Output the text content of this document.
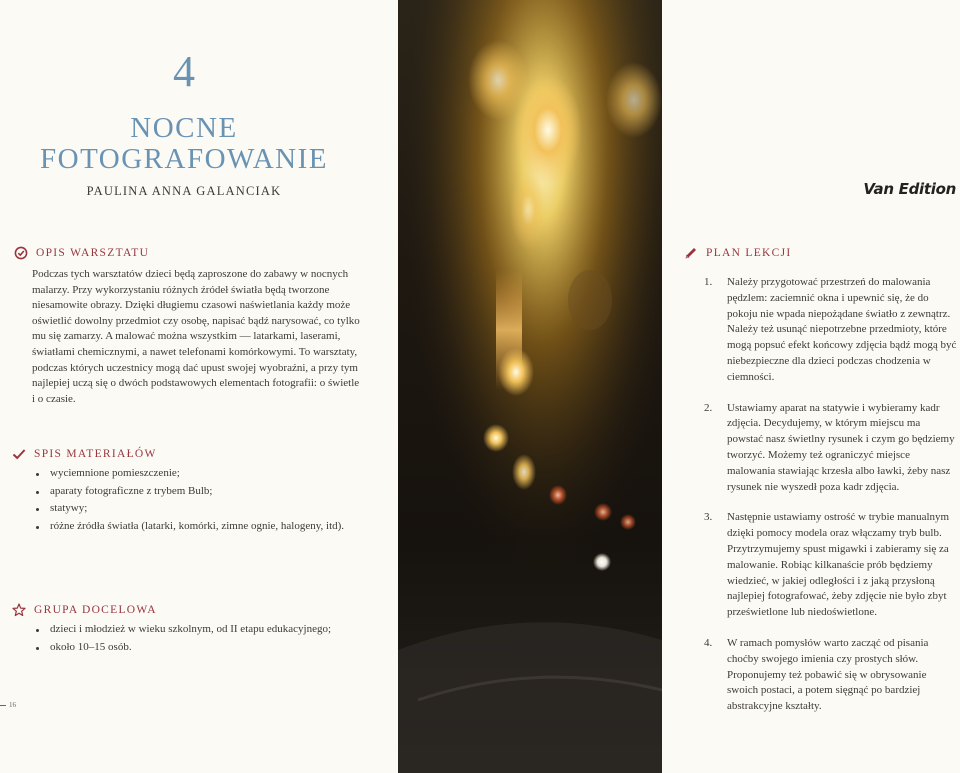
4
NOCNE
FOTOGRAFOWANIE
PAULINA ANNA GALANCIAK
OPIS WARSZTATU
Podczas tych warsztatów dzieci będą zaproszone do zabawy w nocnych malarzy. Przy wykorzystaniu różnych źródeł światła będą tworzone niesamowite obrazy. Dzięki długiemu czasowi naświetlania każdy może oświetlić dowolny przedmiot czy osobę, napisać bądź narysować, co tylko mu się zamarzy. A malować można wszystkim — latarkami, laserami, światłami chemicznymi, a nawet telefonami komórkowymi. To warsztaty, podczas których uczestnicy mogą dać upust swojej wyobraźni, a przy tym najlepiej uczą się o dwóch podstawowych elementach fotografii: o świetle i o czasie.
SPIS MATERIAŁÓW
wyciemnione pomieszczenie;
aparaty fotograficzne z trybem Bulb;
statywy;
różne źródła światła (latarki, komórki, zimne ognie, halogeny, itd).
GRUPA DOCELOWA
dzieci i młodzież w wieku szkolnym, od II etapu edukacyjnego;
około 10–15 osób.
16
Van Edition
PLAN LEKCJI
1. Należy przygotować przestrzeń do malowania pędzlem: zaciemnić okna i upewnić się, że do pokoju nie wpada niepożądane światło z zewnątrz. Należy też usunąć niepotrzebne przedmioty, które mogą popsuć efekt końcowy zdjęcia bądź mogą być niebezpieczne dla dzieci podczas chodzenia w ciemności.
2. Ustawiamy aparat na statywie i wybieramy kadr zdjęcia. Decydujemy, w którym miejscu ma powstać nasz świetlny rysunek i czym go będziemy tworzyć. Możemy też ograniczyć miejsce malowania stawiając krzesła albo ławki, żeby nasz rysunek nie wyszedł poza kadr zdjęcia.
3. Następnie ustawiamy ostrość w trybie manualnym dzięki pomocy modela oraz włączamy tryb bulb. Przytrzymujemy spust migawki i zabieramy się za malowanie. Robiąc kilkanaście prób będziemy wiedzieć, w jakiej odległości i z jaką przysłoną najlepiej fotografować, żeby zdjęcie nie było zbyt prześwietlone lub niedoświetlone.
4. W ramach pomysłów warto zacząć od pisania choćby swojego imienia czy prostych słów. Proponujemy też pobawić się w obrysowanie swoich postaci, a potem sięgnąć po bardziej abstrakcyjne kształty.
